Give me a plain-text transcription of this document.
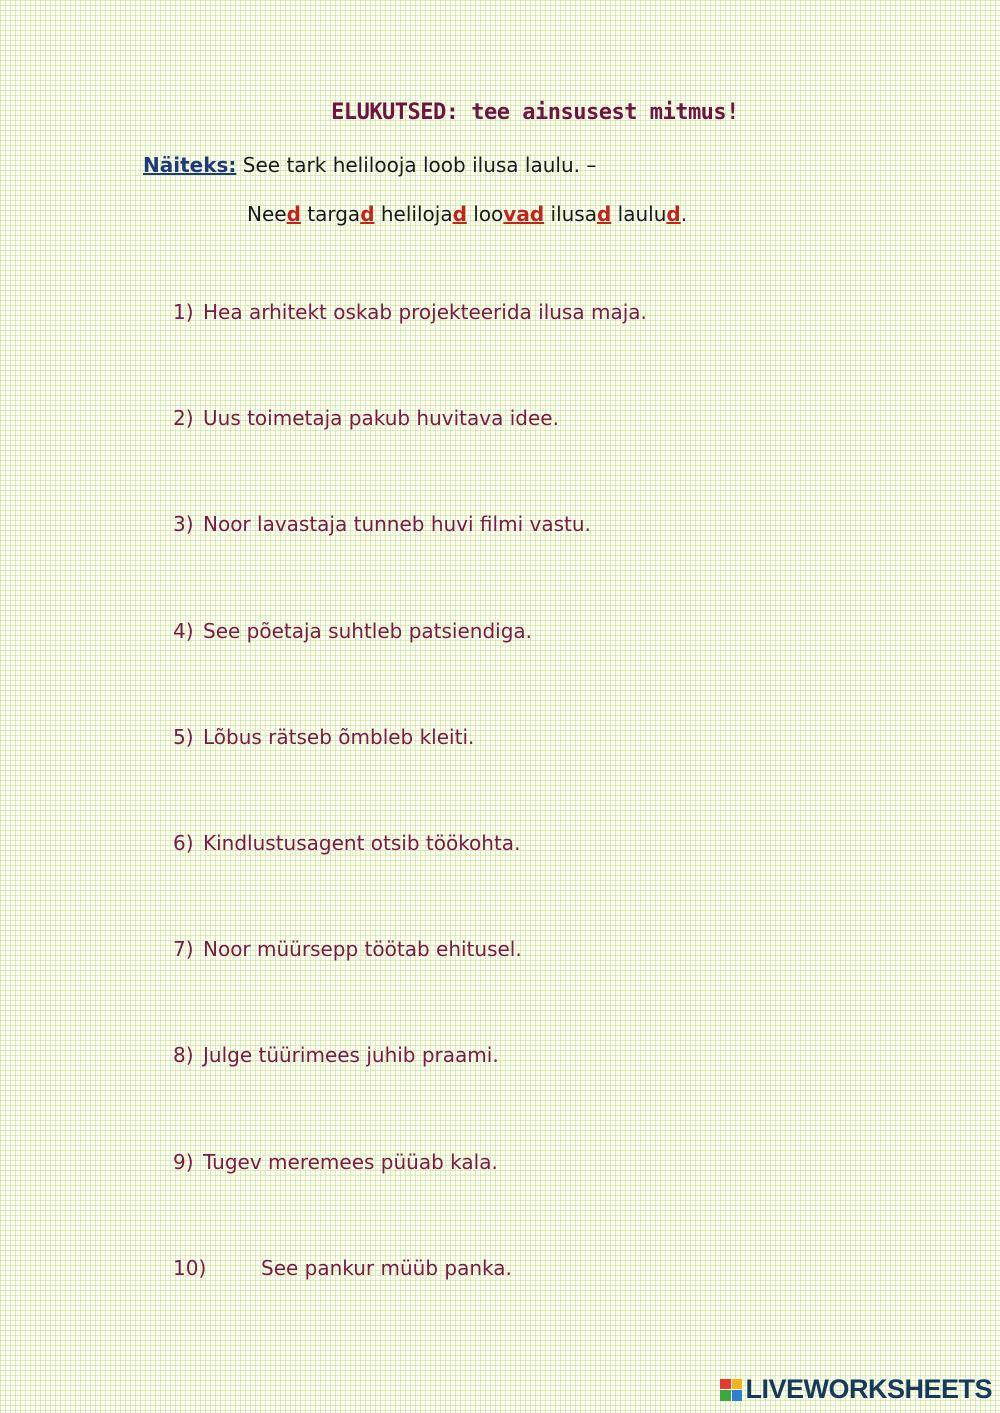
ELUKUTSED: tee ainsusest mitmus!
Näiteks: See tark helilooja loob ilusa laulu. –
Need targad helilojad loovad ilusad laulud.
1) Hea arhitekt oskab projekteerida ilusa maja.
2) Uus toimetaja pakub huvitava idee.
3) Noor lavastaja tunneb huvi filmi vastu.
4) See põetaja suhtleb patsiendiga.
5) Lõbus rätseb õmbleb kleiti.
6) Kindlustusagent otsib töökohta.
7) Noor müürsepp töötab ehitusel.
8) Julge tüürimees juhib praami.
9) Tugev meremees püüab kala.
10)	See pankur müüb panka.
LIVEWORKSHEETS
